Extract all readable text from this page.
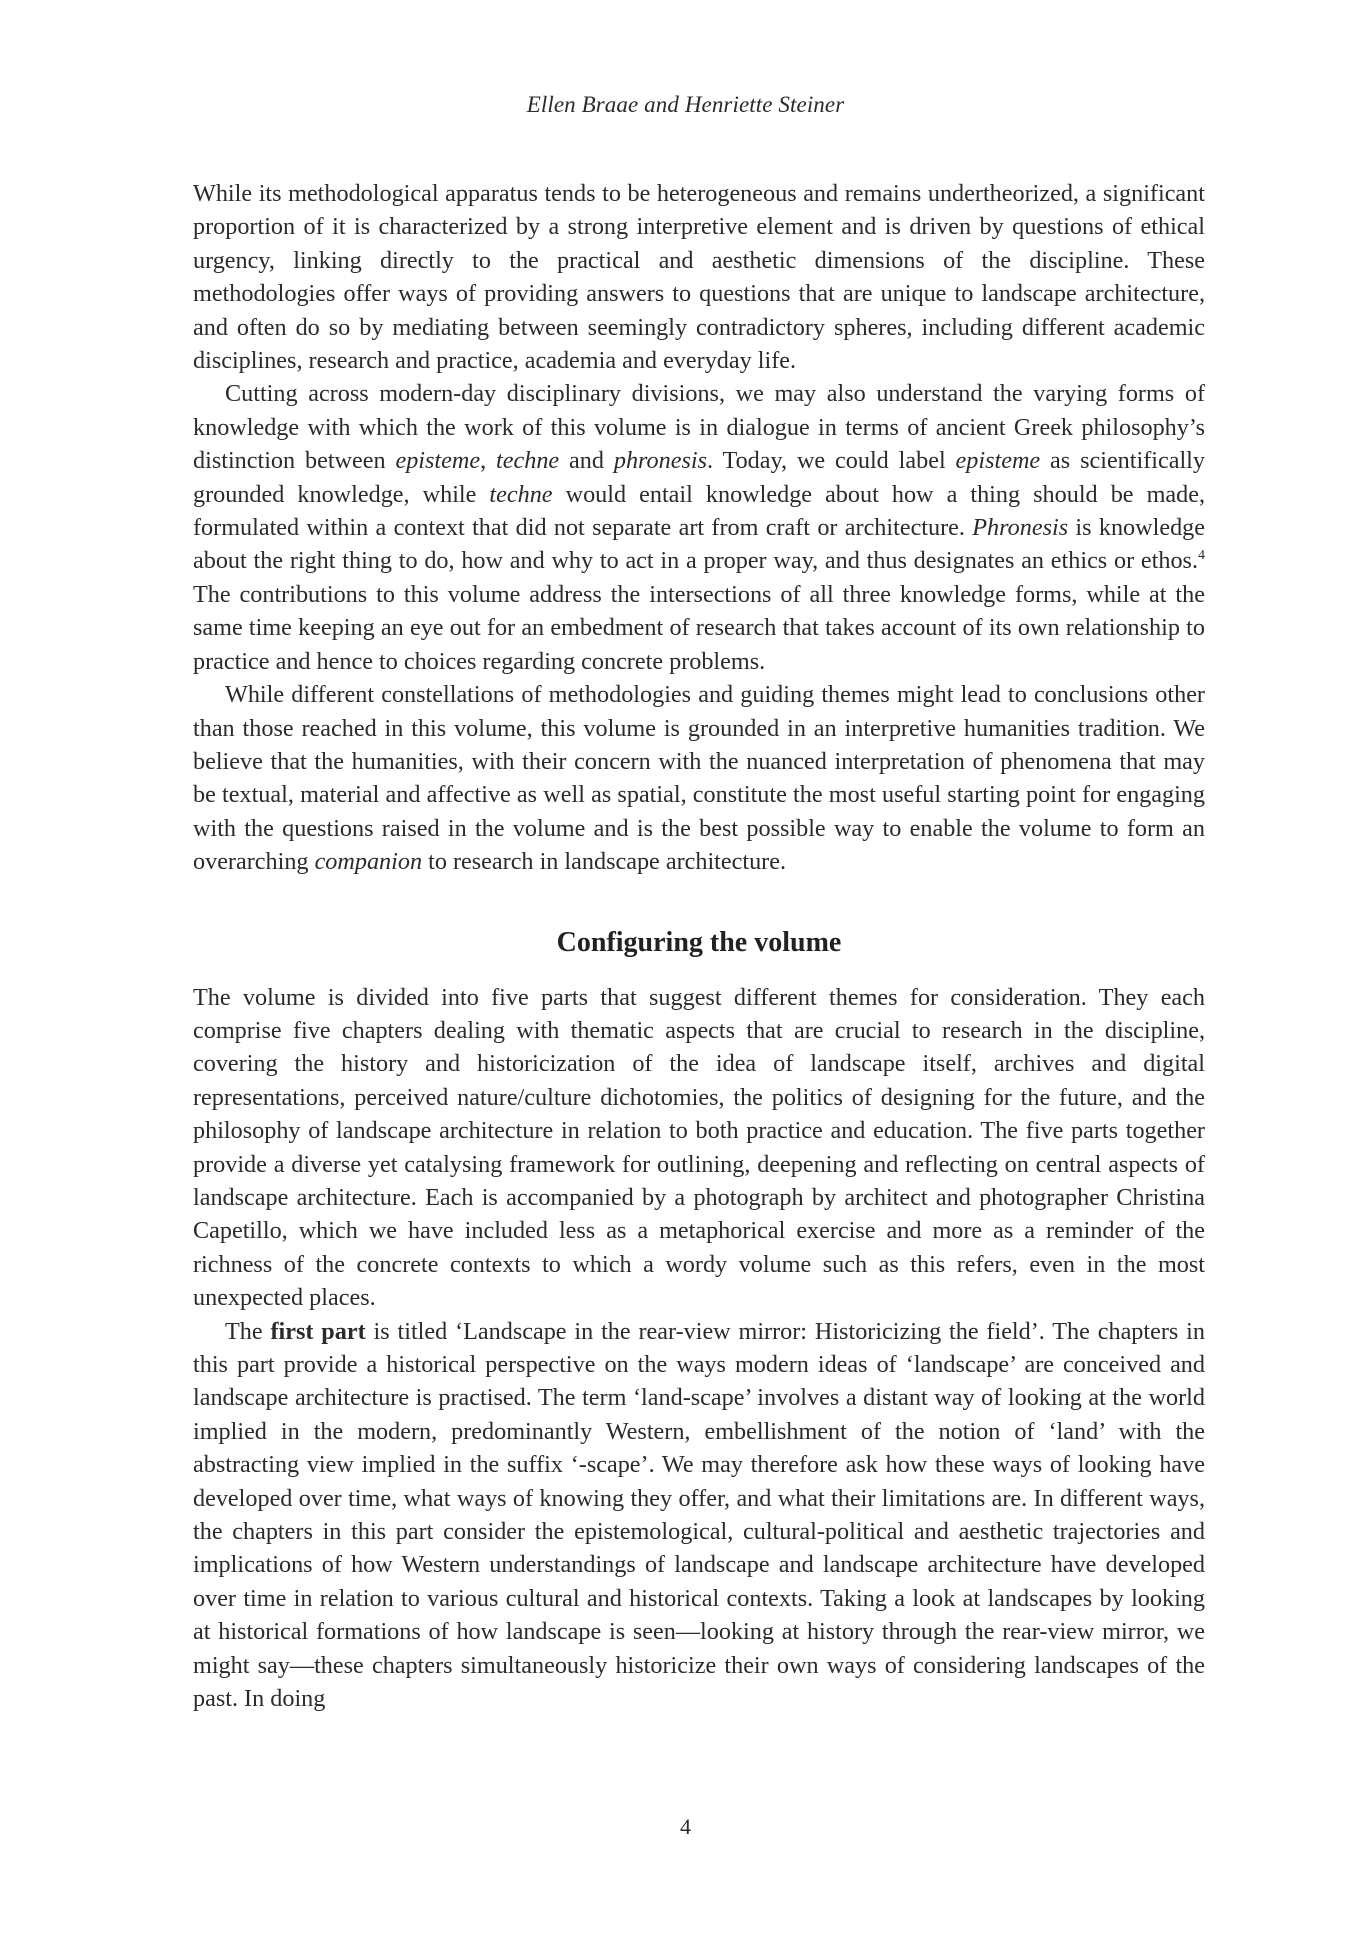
Ellen Braae and Henriette Steiner

While its methodological apparatus tends to be heterogeneous and remains undertheorized, a significant proportion of it is characterized by a strong interpretive element and is driven by questions of ethical urgency, linking directly to the practical and aesthetic dimensions of the discipline. These methodologies offer ways of providing answers to questions that are unique to landscape architecture, and often do so by mediating between seemingly contradictory spheres, including different academic disciplines, research and practice, academia and everyday life.

Cutting across modern-day disciplinary divisions, we may also understand the varying forms of knowledge with which the work of this volume is in dialogue in terms of ancient Greek philosophy’s distinction between episteme, techne and phronesis. Today, we could label episteme as scientifically grounded knowledge, while techne would entail knowledge about how a thing should be made, formulated within a context that did not separate art from craft or architecture. Phronesis is knowledge about the right thing to do, how and why to act in a proper way, and thus designates an ethics or ethos.$^4$ The contributions to this volume address the intersections of all three knowledge forms, while at the same time keeping an eye out for an embedment of research that takes account of its own relationship to practice and hence to choices regarding concrete problems.

While different constellations of methodologies and guiding themes might lead to conclusions other than those reached in this volume, this volume is grounded in an interpretive humanities tradition. We believe that the humanities, with their concern with the nuanced interpretation of phenomena that may be textual, material and affective as well as spatial, constitute the most useful starting point for engaging with the questions raised in the volume and is the best possible way to enable the volume to form an overarching companion to research in landscape architecture.

Configuring the volume

The volume is divided into five parts that suggest different themes for consideration. They each comprise five chapters dealing with thematic aspects that are crucial to research in the discipline, covering the history and historicization of the idea of landscape itself, archives and digital representations, perceived nature/culture dichotomies, the politics of designing for the future, and the philosophy of landscape architecture in relation to both practice and education. The five parts together provide a diverse yet catalysing framework for outlining, deepening and reflecting on central aspects of landscape architecture. Each is accompanied by a photograph by architect and photographer Christina Capetillo, which we have included less as a metaphorical exercise and more as a reminder of the richness of the concrete contexts to which a wordy volume such as this refers, even in the most unexpected places.

The first part is titled ‘Landscape in the rear-view mirror: Historicizing the field’. The chapters in this part provide a historical perspective on the ways modern ideas of ‘landscape’ are conceived and landscape architecture is practised. The term ‘land-scape’ involves a distant way of looking at the world implied in the modern, predominantly Western, embellishment of the notion of ‘land’ with the abstracting view implied in the suffix ‘-scape’. We may therefore ask how these ways of looking have developed over time, what ways of knowing they offer, and what their limitations are. In different ways, the chapters in this part consider the epistemological, cultural-political and aesthetic trajectories and implications of how Western understandings of landscape and landscape architecture have developed over time in relation to various cultural and historical contexts. Taking a look at landscapes by looking at historical formations of how landscape is seen—looking at history through the rear-view mirror, we might say—these chapters simultaneously historicize their own ways of considering landscapes of the past. In doing

4
